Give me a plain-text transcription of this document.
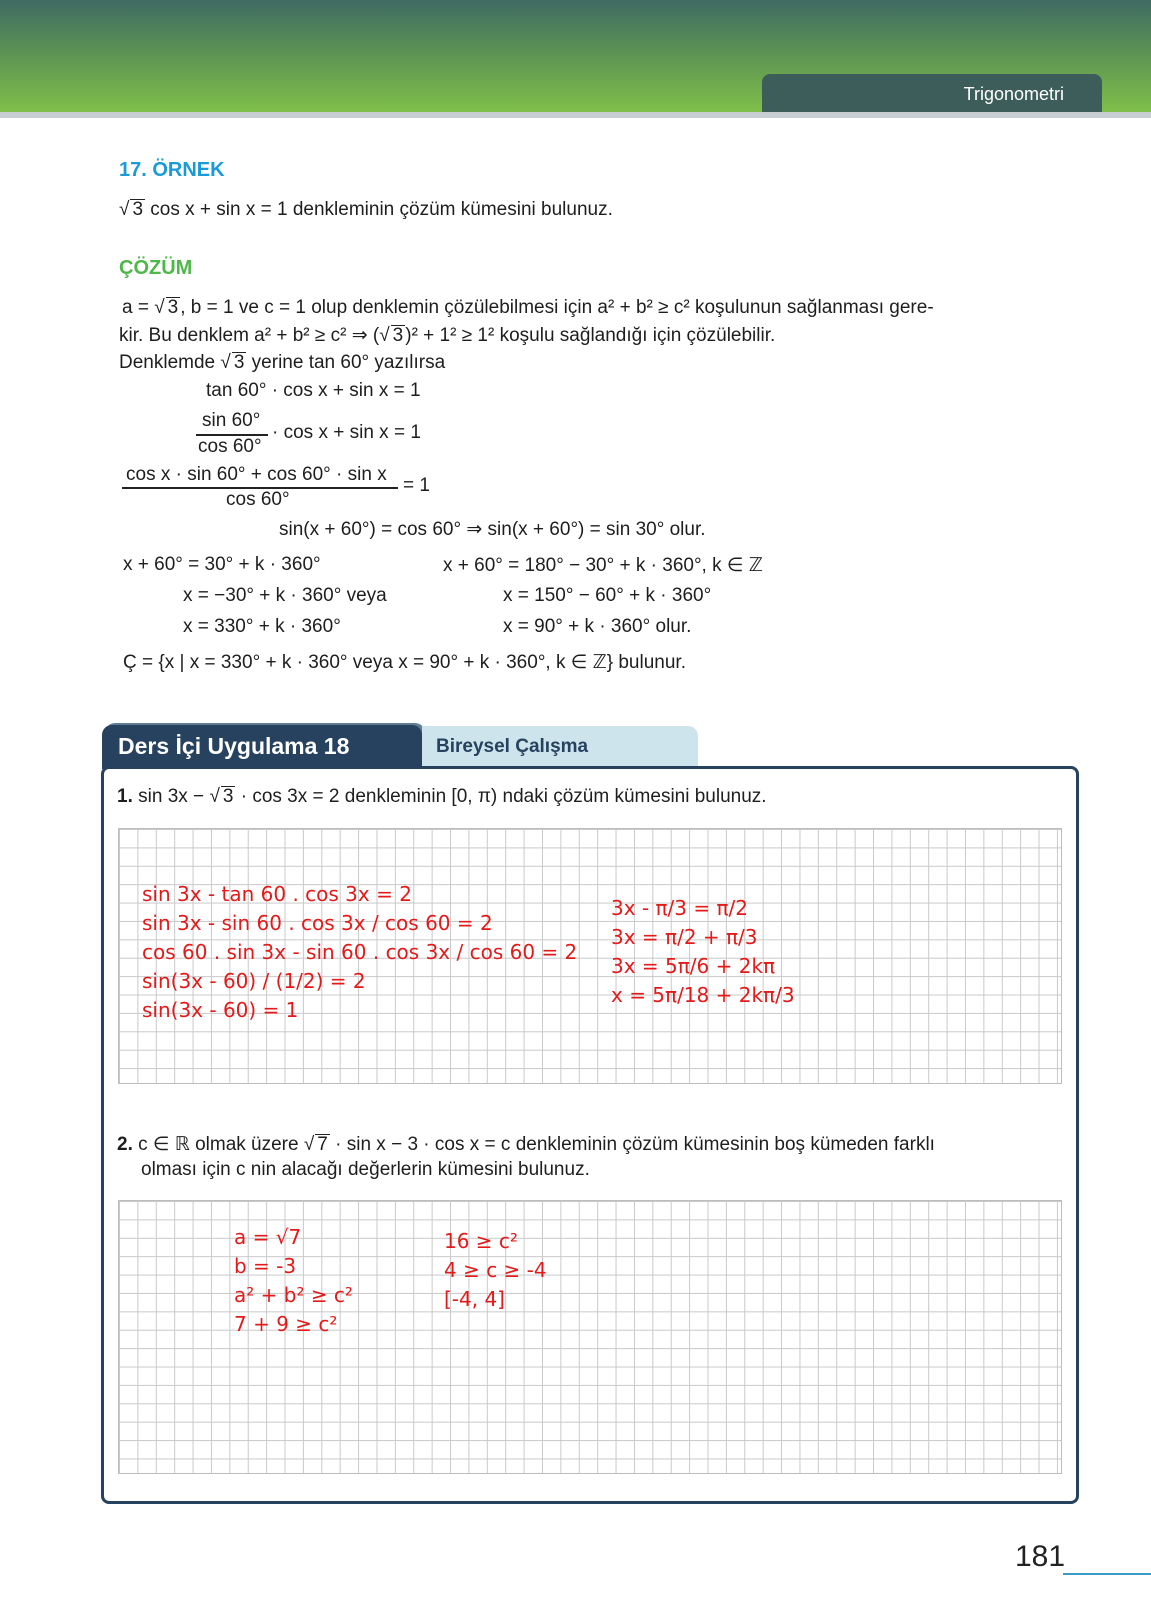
Trigonometri
17. ÖRNEK
√ 3 cos x + sin x = 1 denkleminin çözüm kümesini bulunuz.
ÇÖZÜM
a = √ 3 , b = 1 ve c = 1 olup denklemin çözülebilmesi için a² + b² ≥ c² koşulunun sağlanması gere-
kir. Bu denklem a² + b² ≥ c² ⇒ (√ 3 )² + 1² ≥ 1² koşulu sağlandığı için çözülebilir.
Denklemde √ 3 yerine tan 60° yazılırsa
tan 60° · cos x + sin x = 1
sin 60°
cos 60°
· cos x + sin x = 1
cos x · sin 60° + cos 60° · sin x
cos 60°
= 1
sin(x + 60°) = cos 60° ⇒ sin(x + 60°) = sin 30° olur.
x + 60° = 30° + k · 360°
x = −30° + k · 360° veya
x = 330° + k · 360°
x + 60° = 180° − 30° + k · 360°, k ∈ ℤ
x = 150° − 60° + k · 360°
x = 90° + k · 360° olur.
Ç = {x | x = 330° + k · 360° veya x = 90° + k · 360°, k ∈ ℤ} bulunur.
Ders İçi Uygulama 18	Bireysel Çalışma
1. sin 3x − √ 3 · cos 3x = 2 denkleminin [0, π) ndaki çözüm kümesini bulunuz.
sin 3x - tan 60 . cos 3x = 2
sin 3x - sin 60 . cos 3x / cos 60 = 2
cos 60 . sin 3x - sin 60 . cos 3x / cos 60 = 2
sin(3x - 60) / (1/2) = 2
sin(3x - 60) = 1
3x - π/3 = π/2
3x = π/2 + π/3
3x = 5π/6 + 2kπ
x = 5π/18 + 2kπ/3
2. c ∈ ℝ olmak üzere √ 7 · sin x − 3 · cos x = c denkleminin çözüm kümesinin boş kümeden farklı
olması için c nin alacağı değerlerin kümesini bulunuz.
a = √7
b = -3
a² + b² ≥ c²
7 + 9 ≥ c²
16 ≥ c²
4 ≥ c ≥ -4
[-4, 4]
181
